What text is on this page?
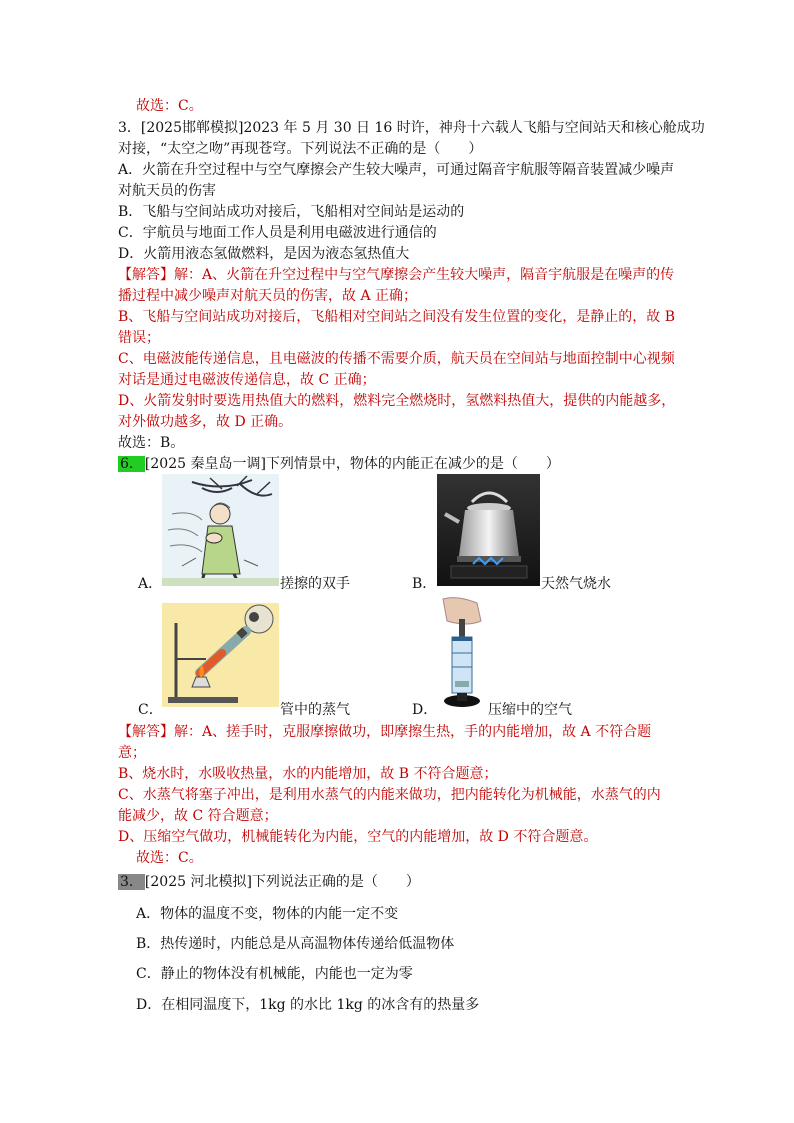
故选：C。
3．[2025邯郸模拟]2023 年 5 月 30 日 16 时许，神舟十六载人飞船与空间站天和核心舱成功
对接，“太空之吻”再现苍穹。下列说法不正确的是（　　）
A．火箭在升空过程中与空气摩擦会产生较大噪声，可通过隔音宇航服等隔音装置减少噪声
对航天员的伤害
B．飞船与空间站成功对接后，飞船相对空间站是运动的
C．宇航员与地面工作人员是利用电磁波进行通信的
D．火箭用液态氢做燃料，是因为液态氢热值大
【解答】解：A、火箭在升空过程中与空气摩擦会产生较大噪声，隔音宇航服是在噪声的传
播过程中减少噪声对航天员的伤害，故 A 正确；
B、飞船与空间站成功对接后，飞船相对空间站之间没有发生位置的变化，是静止的，故 B
错误；
C、电磁波能传递信息，且电磁波的传播不需要介质，航天员在空间站与地面控制中心视频
对话是通过电磁波传递信息，故 C 正确；
D、火箭发射时要选用热值大的燃料，燃料完全燃烧时，氢燃料热值大，提供的内能越多，
对外做功越多，故 D 正确。
故选：B。
6． [2025 秦皇岛一调]下列情景中，物体的内能正在减少的是（　　）
A．	搓擦的双手	B．	天然气烧水
C．	管中的蒸气	D．	压缩中的空气
【解答】解：A、搓手时，克服摩擦做功，即摩擦生热，手的内能增加，故 A 不符合题
意；
B、烧水时，水吸收热量，水的内能增加，故 B 不符合题意；
C、水蒸气将塞子冲出，是利用水蒸气的内能来做功，把内能转化为机械能，水蒸气的内
能减少，故 C 符合题意；
D、压缩空气做功，机械能转化为内能，空气的内能增加，故 D 不符合题意。
故选：C。
3． [2025 河北模拟]下列说法正确的是（　　）
A．物体的温度不变，物体的内能一定不变
B．热传递时，内能总是从高温物体传递给低温物体
C．静止的物体没有机械能，内能也一定为零
D．在相同温度下，1kg 的水比 1kg 的冰含有的热量多
